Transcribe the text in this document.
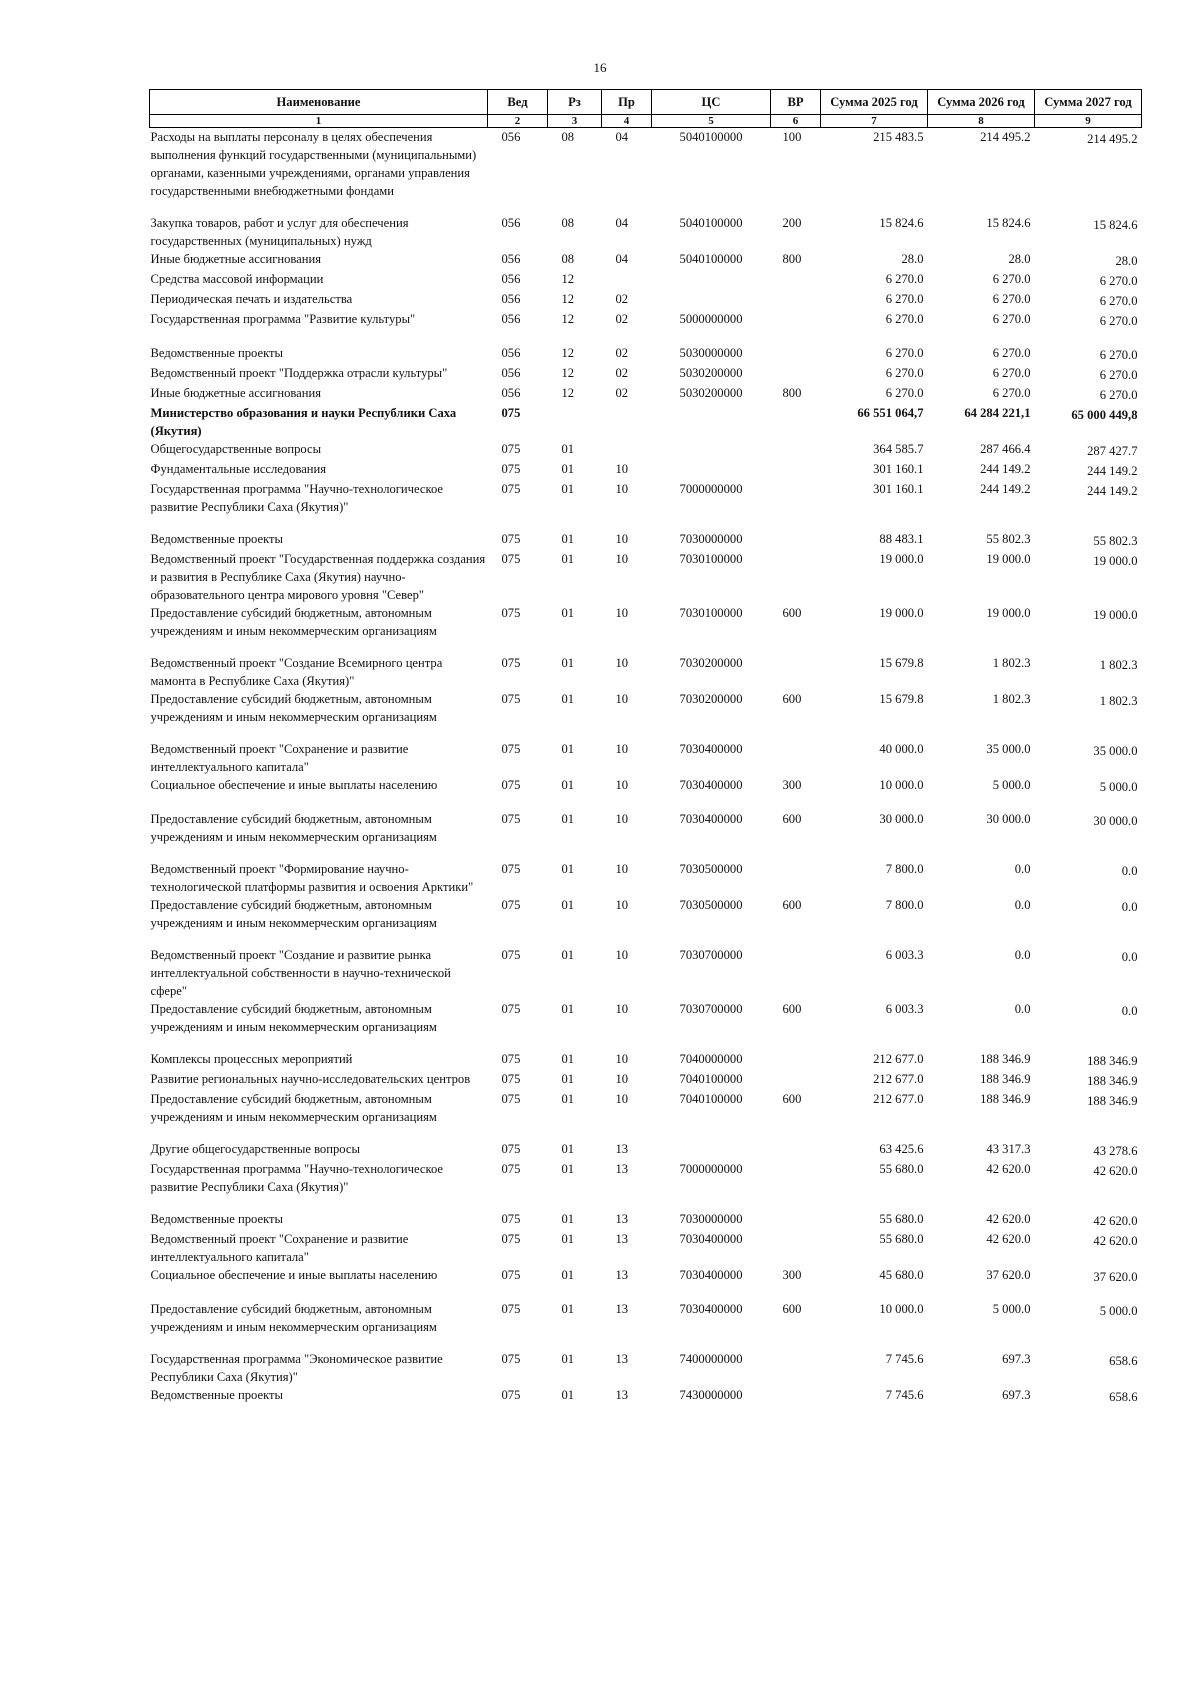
16
Наименование	Вед	Рз	Пр	ЦС	ВР	Сумма 2025 год	Сумма 2026 год	Сумма 2027 год
1	2	3	4	5	6	7	8	9
Расходы на выплаты персоналу в целях обеспечения выполнения функций государственными (муниципальными) органами, казенными учреждениями, органами управления государственными внебюджетными фондами	056	08	04	5040100000	100	215 483.5	214 495.2	214 495.2

Закупка товаров, работ и услуг для обеспечения государственных (муниципальных) нужд	056	08	04	5040100000	200	15 824.6	15 824.6	15 824.6
Иные бюджетные ассигнования	056	08	04	5040100000	800	28.0	28.0	28.0
Средства массовой информации	056	12				6 270.0	6 270.0	6 270.0
Периодическая печать и издательства	056	12	02			6 270.0	6 270.0	6 270.0
Государственная программа "Развитие культуры"	056	12	02	5000000000		6 270.0	6 270.0	6 270.0

Ведомственные проекты	056	12	02	5030000000		6 270.0	6 270.0	6 270.0
Ведомственный проект "Поддержка отрасли культуры"	056	12	02	5030200000		6 270.0	6 270.0	6 270.0
Иные бюджетные ассигнования	056	12	02	5030200000	800	6 270.0	6 270.0	6 270.0
Министерство образования и науки Республики Саха (Якутия)	075					66 551 064,7	64 284 221,1	65 000 449,8
Общегосударственные вопросы	075	01				364 585.7	287 466.4	287 427.7
Фундаментальные исследования	075	01	10			301 160.1	244 149.2	244 149.2
Государственная программа "Научно-технологическое развитие Республики Саха (Якутия)"	075	01	10	7000000000		301 160.1	244 149.2	244 149.2

Ведомственные проекты	075	01	10	7030000000		88 483.1	55 802.3	55 802.3
Ведомственный проект "Государственная поддержка создания и развития в Республике Саха (Якутия) научно-образовательного центра мирового уровня "Север"	075	01	10	7030100000		19 000.0	19 000.0	19 000.0
Предоставление субсидий бюджетным, автономным учреждениям и иным некоммерческим организациям	075	01	10	7030100000	600	19 000.0	19 000.0	19 000.0

Ведомственный проект "Создание Всемирного центра мамонта в Республике Саха (Якутия)"	075	01	10	7030200000		15 679.8	1 802.3	1 802.3
Предоставление субсидий бюджетным, автономным учреждениям и иным некоммерческим организациям	075	01	10	7030200000	600	15 679.8	1 802.3	1 802.3

Ведомственный проект "Сохранение и развитие интеллектуального капитала"	075	01	10	7030400000		40 000.0	35 000.0	35 000.0
Социальное обеспечение и иные выплаты населению	075	01	10	7030400000	300	10 000.0	5 000.0	5 000.0

Предоставление субсидий бюджетным, автономным учреждениям и иным некоммерческим организациям	075	01	10	7030400000	600	30 000.0	30 000.0	30 000.0

Ведомственный проект "Формирование научно-технологической платформы развития и освоения Арктики"	075	01	10	7030500000		7 800.0	0.0	0.0
Предоставление субсидий бюджетным, автономным учреждениям и иным некоммерческим организациям	075	01	10	7030500000	600	7 800.0	0.0	0.0

Ведомственный проект "Создание и развитие рынка интеллектуальной собственности в научно-технической сфере"	075	01	10	7030700000		6 003.3	0.0	0.0
Предоставление субсидий бюджетным, автономным учреждениям и иным некоммерческим организациям	075	01	10	7030700000	600	6 003.3	0.0	0.0

Комплексы процессных мероприятий	075	01	10	7040000000		212 677.0	188 346.9	188 346.9
Развитие региональных научно-исследовательских центров	075	01	10	7040100000		212 677.0	188 346.9	188 346.9
Предоставление субсидий бюджетным, автономным учреждениям и иным некоммерческим организациям	075	01	10	7040100000	600	212 677.0	188 346.9	188 346.9

Другие общегосударственные вопросы	075	01	13			63 425.6	43 317.3	43 278.6
Государственная программа "Научно-технологическое развитие Республики Саха (Якутия)"	075	01	13	7000000000		55 680.0	42 620.0	42 620.0

Ведомственные проекты	075	01	13	7030000000		55 680.0	42 620.0	42 620.0
Ведомственный проект "Сохранение и развитие интеллектуального капитала"	075	01	13	7030400000		55 680.0	42 620.0	42 620.0
Социальное обеспечение и иные выплаты населению	075	01	13	7030400000	300	45 680.0	37 620.0	37 620.0

Предоставление субсидий бюджетным, автономным учреждениям и иным некоммерческим организациям	075	01	13	7030400000	600	10 000.0	5 000.0	5 000.0

Государственная программа "Экономическое развитие Республики Саха (Якутия)"	075	01	13	7400000000		7 745.6	697.3	658.6
Ведомственные проекты	075	01	13	7430000000		7 745.6	697.3	658.6
